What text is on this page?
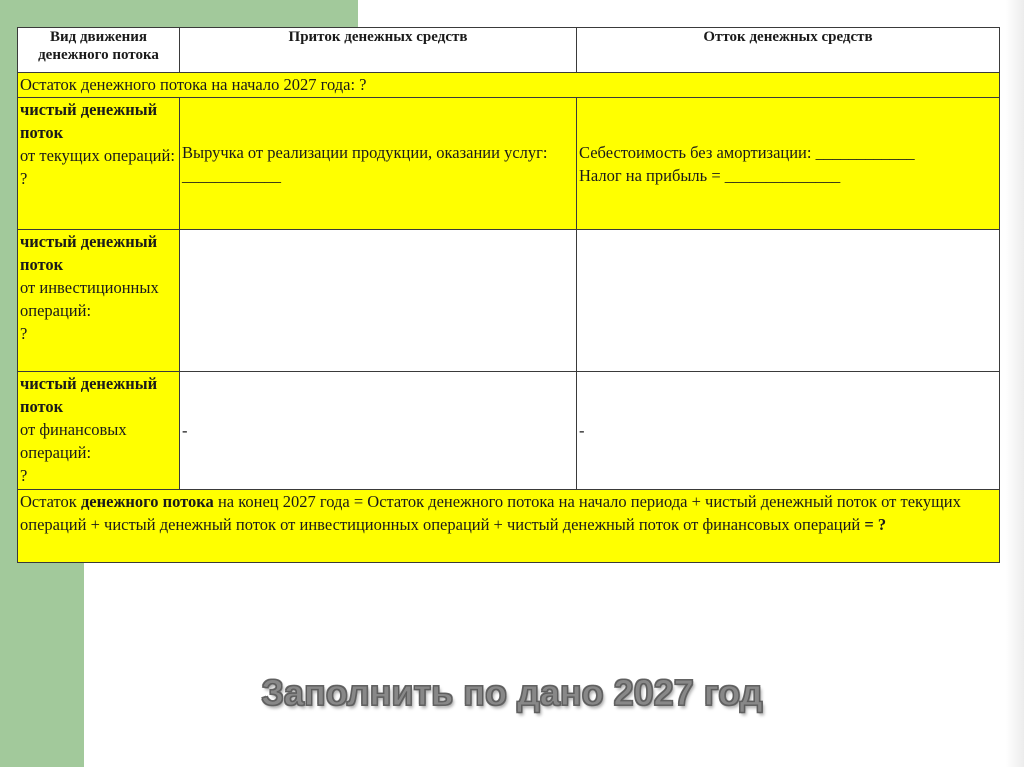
Вид движения денежного потока	Приток денежных средств	Отток денежных средств
Остаток денежного потока на начало 2027 года: ?		
чистый денежный поток
от текущих операций:
?	Выручка от реализации продукции, оказании услуг: ____________	Себестоимость без амортизации: ____________
Налог на прибыль = ______________
чистый денежный поток
от инвестиционных операций:
?		
чистый денежный поток
от финансовых операций:
?	-	-
Остаток денежного потока на конец 2027 года = Остаток денежного потока на начало периода + чистый денежный поток от текущих операций + чистый денежный поток от инвестиционных операций + чистый денежный поток от финансовых операций = ?		
Заполнить по дано 2027 год
